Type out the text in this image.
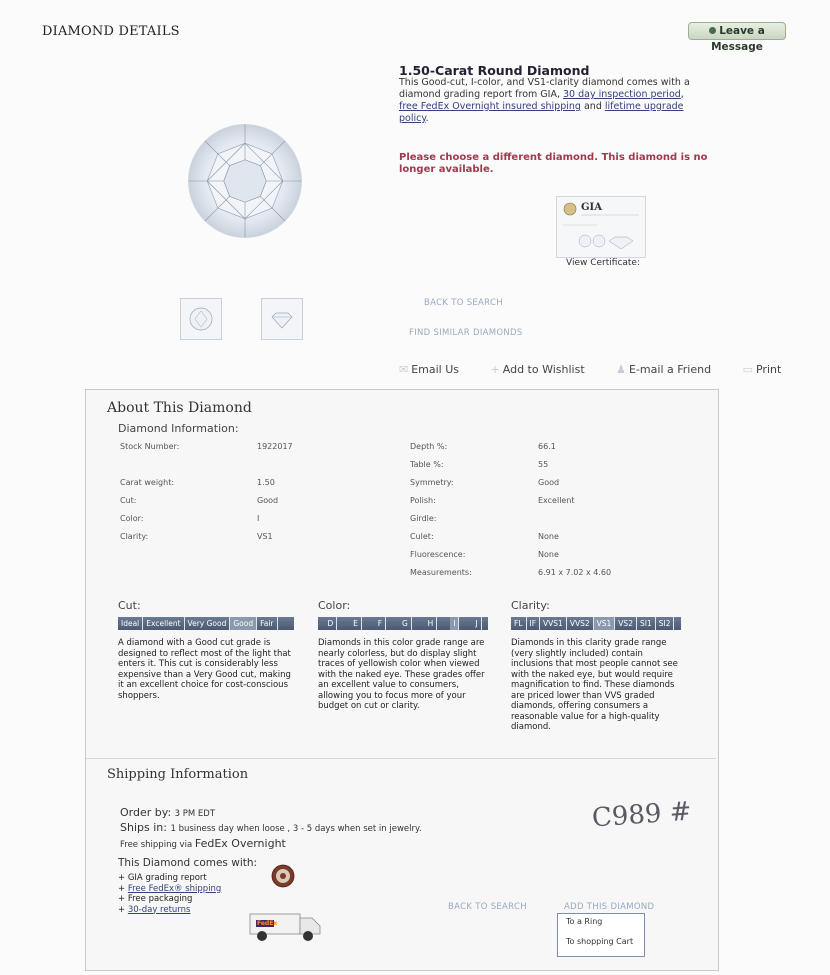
DIAMOND DETAILS	Leave a Message
1.50-Carat Round Diamond
This Good-cut, I-color, and VS1-clarity diamond comes with a diamond grading report from GIA, 30 day inspection period, free FedEx Overnight insured shipping and lifetime upgrade policy.
Please choose a different diamond. This diamond is no longer available.
GIA
View Certificate:
BACK TO SEARCH
FIND SIMILAR DIAMONDS
✉ Email Us	+ Add to Wishlist	♟ E-mail a Friend	▭ Print
About This Diamond
Diamond Information:
Stock Number:	1922017
Carat weight:	1.50
Cut:	Good
Color:	I
Clarity:	VS1
Depth %:	66.1
Table %:	55
Symmetry:	Good
Polish:	Excellent
Girdle:
Culet:	None
Fluorescence:	None
Measurements:	6.91 x 7.02 x 4.60
Cut:
Ideal Excellent Very Good Good Fair
A diamond with a Good cut grade is designed to reflect most of the light that enters it. This cut is considerably less expensive than a Very Good cut, making it an excellent choice for cost-conscious shoppers.
Color:
D	E	F	G	H	I	J
Diamonds in this color grade range are nearly colorless, but do display slight traces of yellowish color when viewed with the naked eye. These grades offer an excellent value to consumers, allowing you to focus more of your budget on cut or clarity.
Clarity:
FL IF VVS1 VVS2 VS1 VS2 SI1 SI2
Diamonds in this clarity grade range (very slightly included) contain inclusions that most people cannot see with the naked eye, but would require magnification to find. These diamonds are priced lower than VVS graded diamonds, offering consumers a reasonable value for a high-quality diamond.
Shipping Information
Order by: 3 PM EDT
Ships in: 1 business day when loose , 3 - 5 days when set in jewelry.
Free shipping via FedEx Overnight
This Diamond comes with:
+ GIA grading report
+ Free FedEx® shipping
+ Free packaging
+ 30-day returns
FedEx
BACK TO SEARCH	ADD THIS DIAMOND
To a Ring
To shopping Cart
C989 #
